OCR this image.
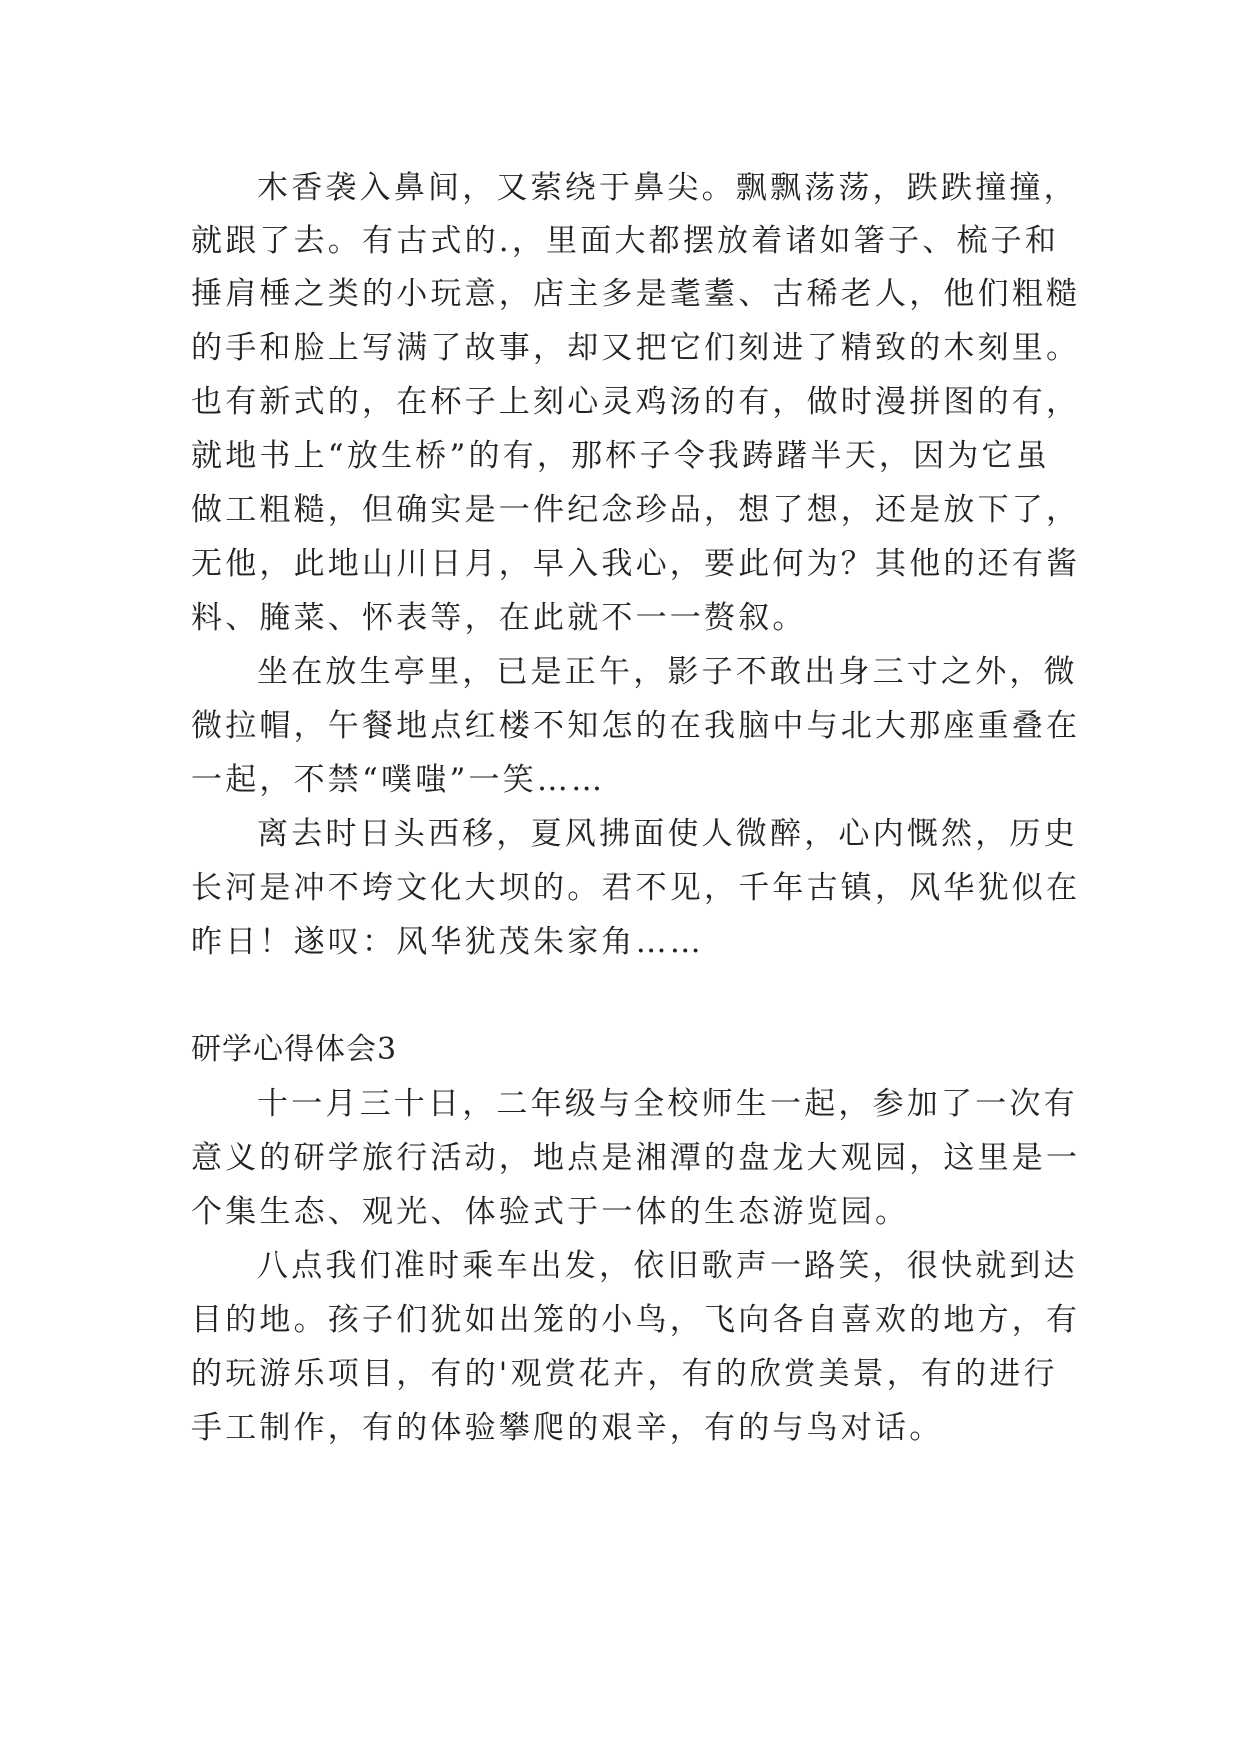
木香袭入鼻间，又萦绕于鼻尖。飘飘荡荡，跌跌撞撞，
就跟了去。有古式的.，里面大都摆放着诸如箸子、梳子和
捶肩棰之类的小玩意，店主多是耄耋、古稀老人，他们粗糙
的手和脸上写满了故事，却又把它们刻进了精致的木刻里。
也有新式的，在杯子上刻心灵鸡汤的有，做时漫拼图的有，
就地书上“放生桥”的有，那杯子令我踌躇半天，因为它虽
做工粗糙，但确实是一件纪念珍品，想了想，还是放下了，
无他，此地山川日月，早入我心，要此何为？其他的还有酱
料、腌菜、怀表等，在此就不一一赘叙。
坐在放生亭里，已是正午，影子不敢出身三寸之外，微
微拉帽，午餐地点红楼不知怎的在我脑中与北大那座重叠在
一起，不禁“噗嗤”一笑……
离去时日头西移，夏风拂面使人微醉，心内慨然，历史
长河是冲不垮文化大坝的。君不见，千年古镇，风华犹似在
昨日！遂叹：风华犹茂朱家角……
研学心得体会3
十一月三十日，二年级与全校师生一起，参加了一次有
意义的研学旅行活动，地点是湘潭的盘龙大观园，这里是一
个集生态、观光、体验式于一体的生态游览园。
八点我们准时乘车出发，依旧歌声一路笑，很快就到达
目的地。孩子们犹如出笼的小鸟，飞向各自喜欢的地方，有
的玩游乐项目，有的'观赏花卉，有的欣赏美景，有的进行
手工制作，有的体验攀爬的艰辛，有的与鸟对话。
